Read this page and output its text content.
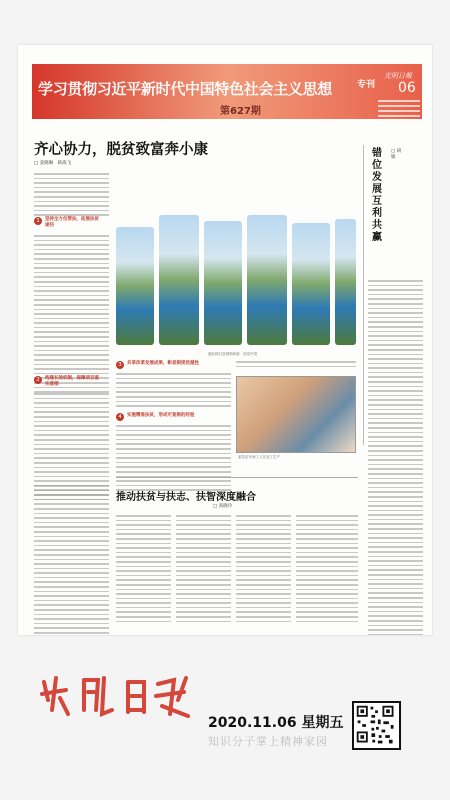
学习贯彻习近平新时代中国特色社会主义思想	专刊
第627期
光明日報
06
齐心协力，脱贫致富奔小康
□ 姜晓琳　韩战飞
1	坚持全方位帮扶，拓展扶贫途径
2	构建长效机制，保障项目落实落细
湖北秭归县城郭新貌　视觉中国
3	共享改革发展成果，彰显制度优越性
4	实施精准扶贫，形成可复制的经验
某扶贫车间工人在加工生产
错位发展　互利共赢
□ 胡敏
推动扶贫与扶志、扶智深度融合
□ 高晓玲
2020.11.06 星期五
知识分子掌上精神家园
